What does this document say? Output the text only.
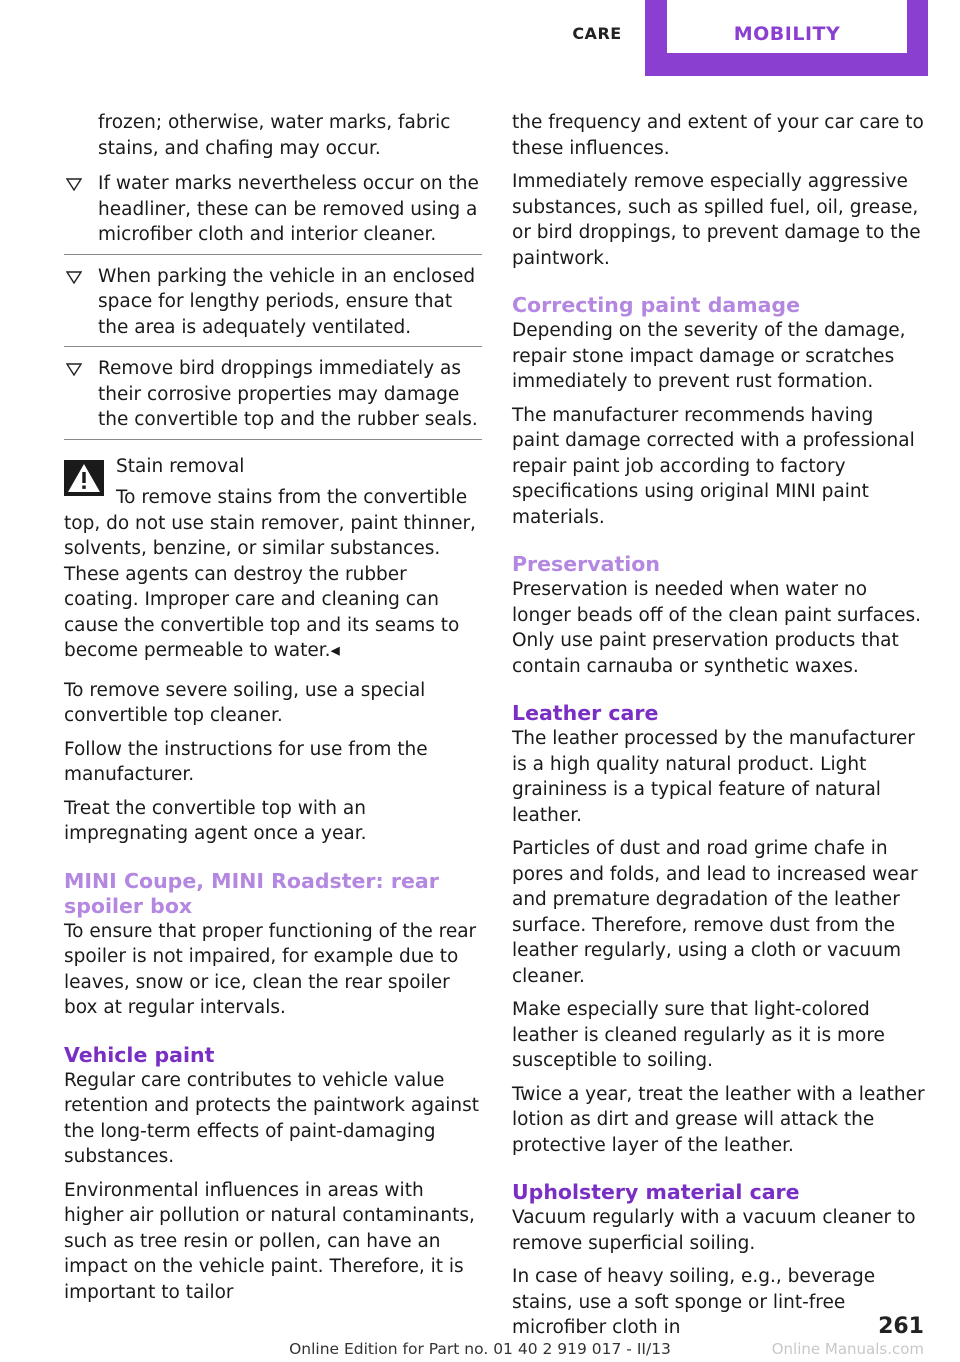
CARE	MOBILITY

frozen; otherwise, water marks, fabric stains, and chafing may occur.

If water marks nevertheless occur on the headliner, these can be removed using a microfiber cloth and interior cleaner.
When parking the vehicle in an enclosed space for lengthy periods, ensure that the area is adequately ventilated.
Remove bird droppings immediately as their corrosive properties may damage the convertible top and the rubber seals.

Stain removal

To remove stains from the convertible top, do not use stain remover, paint thinner, solvents, benzine, or similar substances. These agents can destroy the rubber coating. Improper care and cleaning can cause the convertible top and its seams to become permeable to water.◂

To remove severe soiling, use a special convertible top cleaner.

Follow the instructions for use from the manufacturer.

Treat the convertible top with an impregnating agent once a year.

MINI Coupe, MINI Roadster: rear spoiler box

To ensure that proper functioning of the rear spoiler is not impaired, for example due to leaves, snow or ice, clean the rear spoiler box at regular intervals.

Vehicle paint

Regular care contributes to vehicle value retention and protects the paintwork against the long-term effects of paint-damaging substances.

Environmental influences in areas with higher air pollution or natural contaminants, such as tree resin or pollen, can have an impact on the vehicle paint. Therefore, it is important to tailor

the frequency and extent of your car care to these influences.

Immediately remove especially aggressive substances, such as spilled fuel, oil, grease, or bird droppings, to prevent damage to the paintwork.

Correcting paint damage

Depending on the severity of the damage, repair stone impact damage or scratches immediately to prevent rust formation.

The manufacturer recommends having paint damage corrected with a professional repair paint job according to factory specifications using original MINI paint materials.

Preservation

Preservation is needed when water no longer beads off of the clean paint surfaces. Only use paint preservation products that contain carnauba or synthetic waxes.

Leather care

The leather processed by the manufacturer is a high quality natural product. Light graininess is a typical feature of natural leather.

Particles of dust and road grime chafe in pores and folds, and lead to increased wear and premature degradation of the leather surface. Therefore, remove dust from the leather regularly, using a cloth or vacuum cleaner.

Make especially sure that light-colored leather is cleaned regularly as it is more susceptible to soiling.

Twice a year, treat the leather with a leather lotion as dirt and grease will attack the protective layer of the leather.

Upholstery material care

Vacuum regularly with a vacuum cleaner to remove superficial soiling.

In case of heavy soiling, e.g., beverage stains, use a soft sponge or lint-free microfiber cloth in	261
Online Edition for Part no. 01 40 2 919 017 - II/13	Online Manuals.com
